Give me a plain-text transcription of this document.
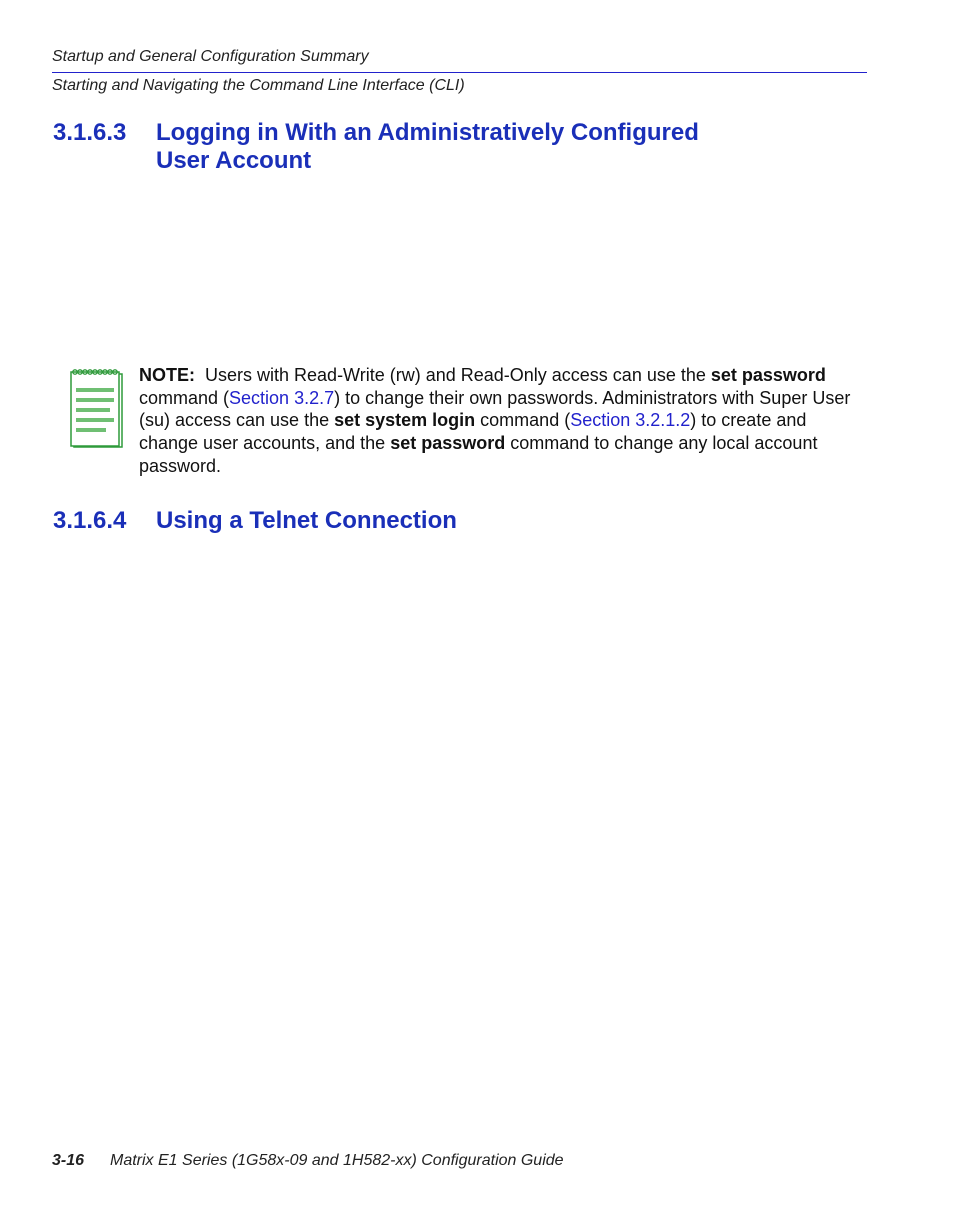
Startup and General Configuration Summary
Starting and Navigating the Command Line Interface (CLI)
3.1.6.3 Logging in With an Administratively Configured
User Account
NOTE: Users with Read-Write (rw) and Read-Only access can use the set password command (Section 3.2.7) to change their own passwords. Administrators with Super User (su) access can use the set system login command (Section 3.2.1.2) to create and change user accounts, and the set password command to change any local account password.
3.1.6.4 Using a Telnet Connection
3-16 Matrix E1 Series (1G58x-09 and 1H582-xx) Configuration Guide
